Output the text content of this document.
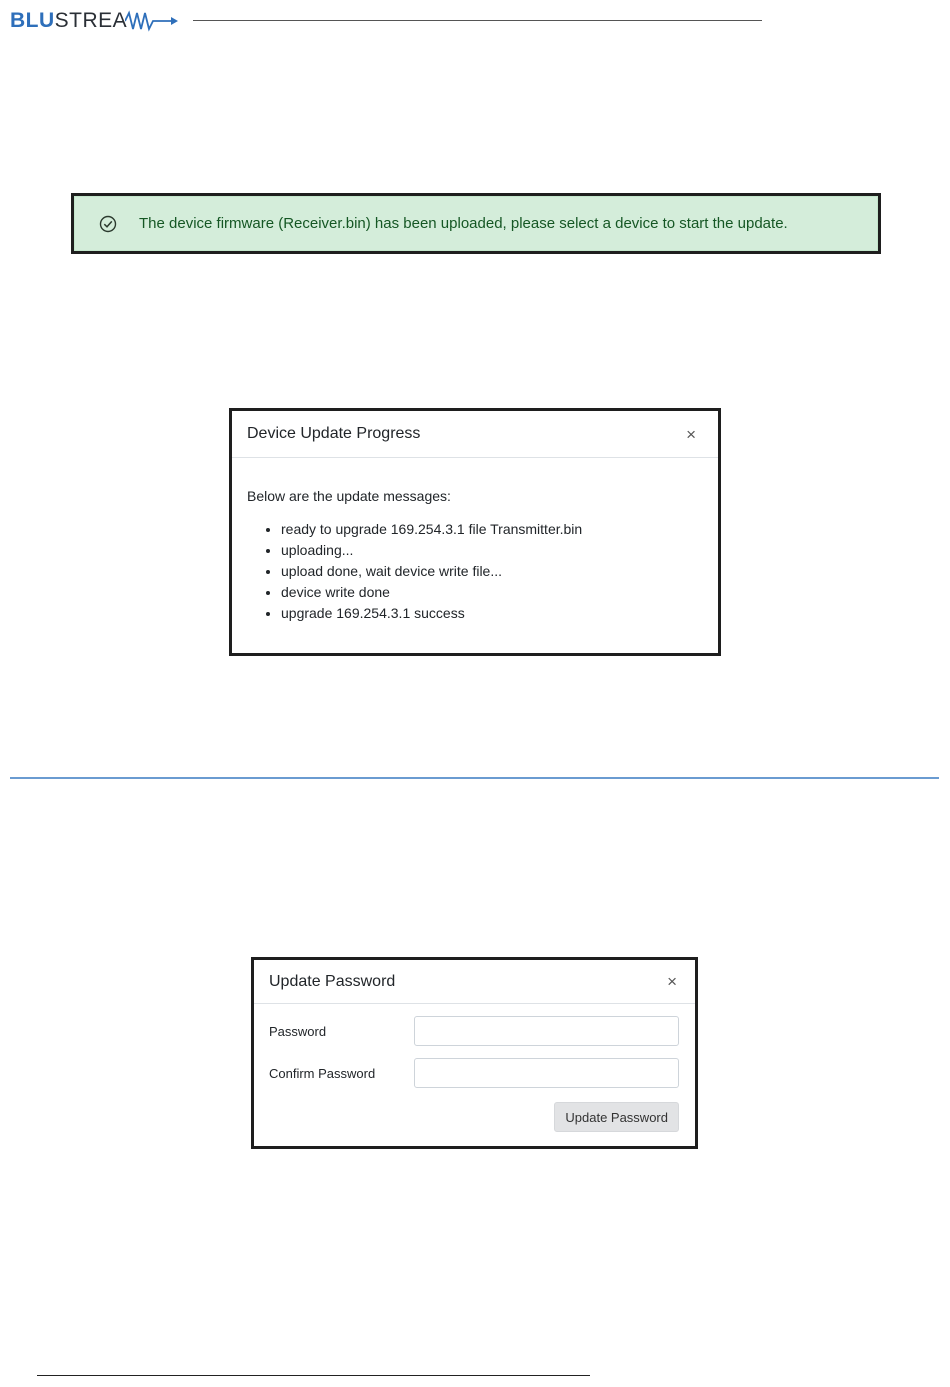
BLU STREA
The device firmware (Receiver.bin) has been uploaded, please select a device to start the update.
Device Update Progress	×

Below are the update messages:

• ready to upgrade 169.254.3.1 file Transmitter.bin
• uploading...
• upload done, wait device write file...
• device write done
• upgrade 169.254.3.1 success
Update Password	×
Password
Confirm Password
Update Password
